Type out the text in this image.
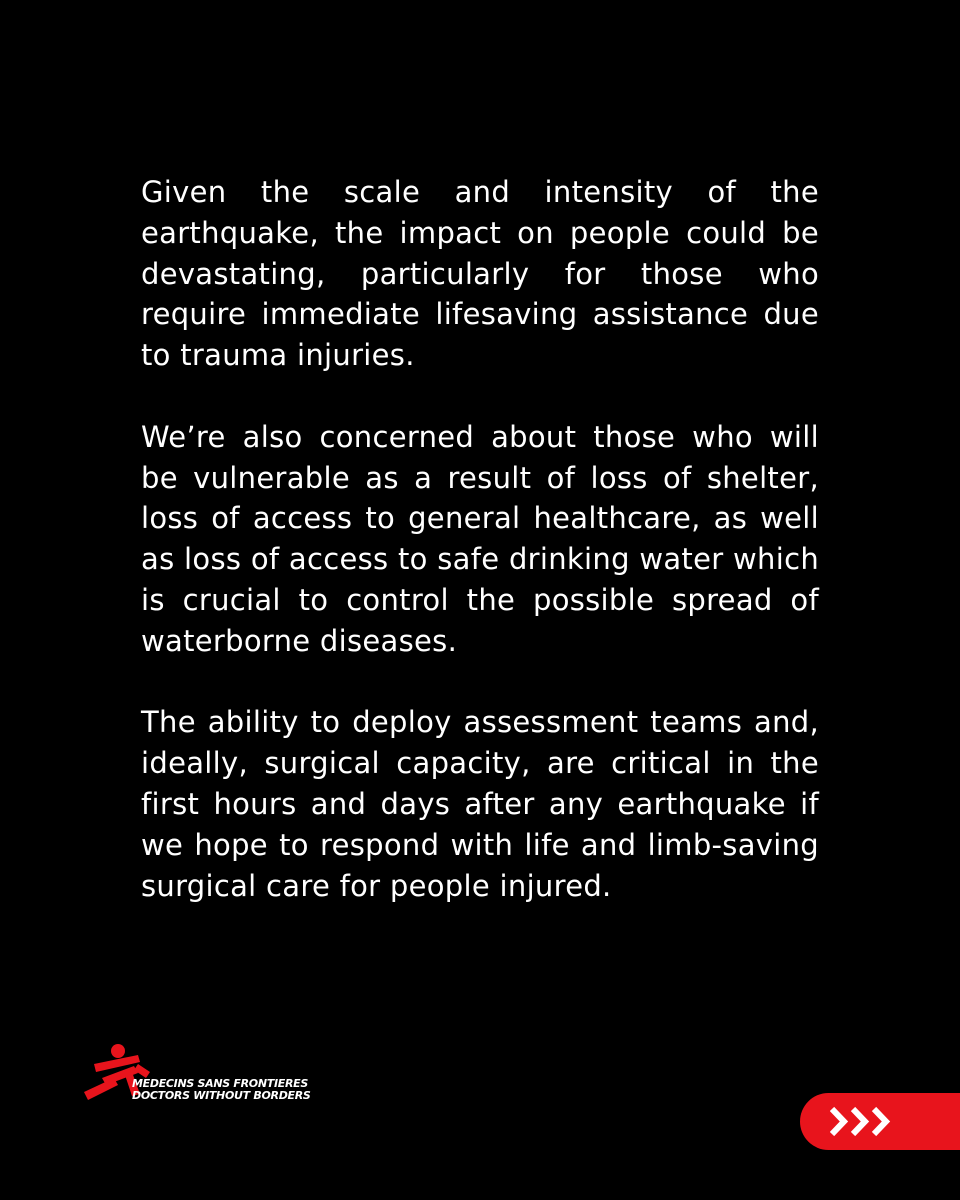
Given the scale and intensity of the earthquake, the impact on people could be devastating, particularly for those who require immediate lifesaving assistance due to trauma injuries.

We’re also concerned about those who will be vulnerable as a result of loss of shelter, loss of access to general healthcare, as well as loss of access to safe drinking water which is crucial to control the possible spread of waterborne diseases.

The ability to deploy assessment teams and, ideally, surgical capacity, are critical in the first hours and days after any earthquake if we hope to respond with life and limb-saving surgical care for people injured.

MEDECINS SANS FRONTIERES
DOCTORS WITHOUT BORDERS
